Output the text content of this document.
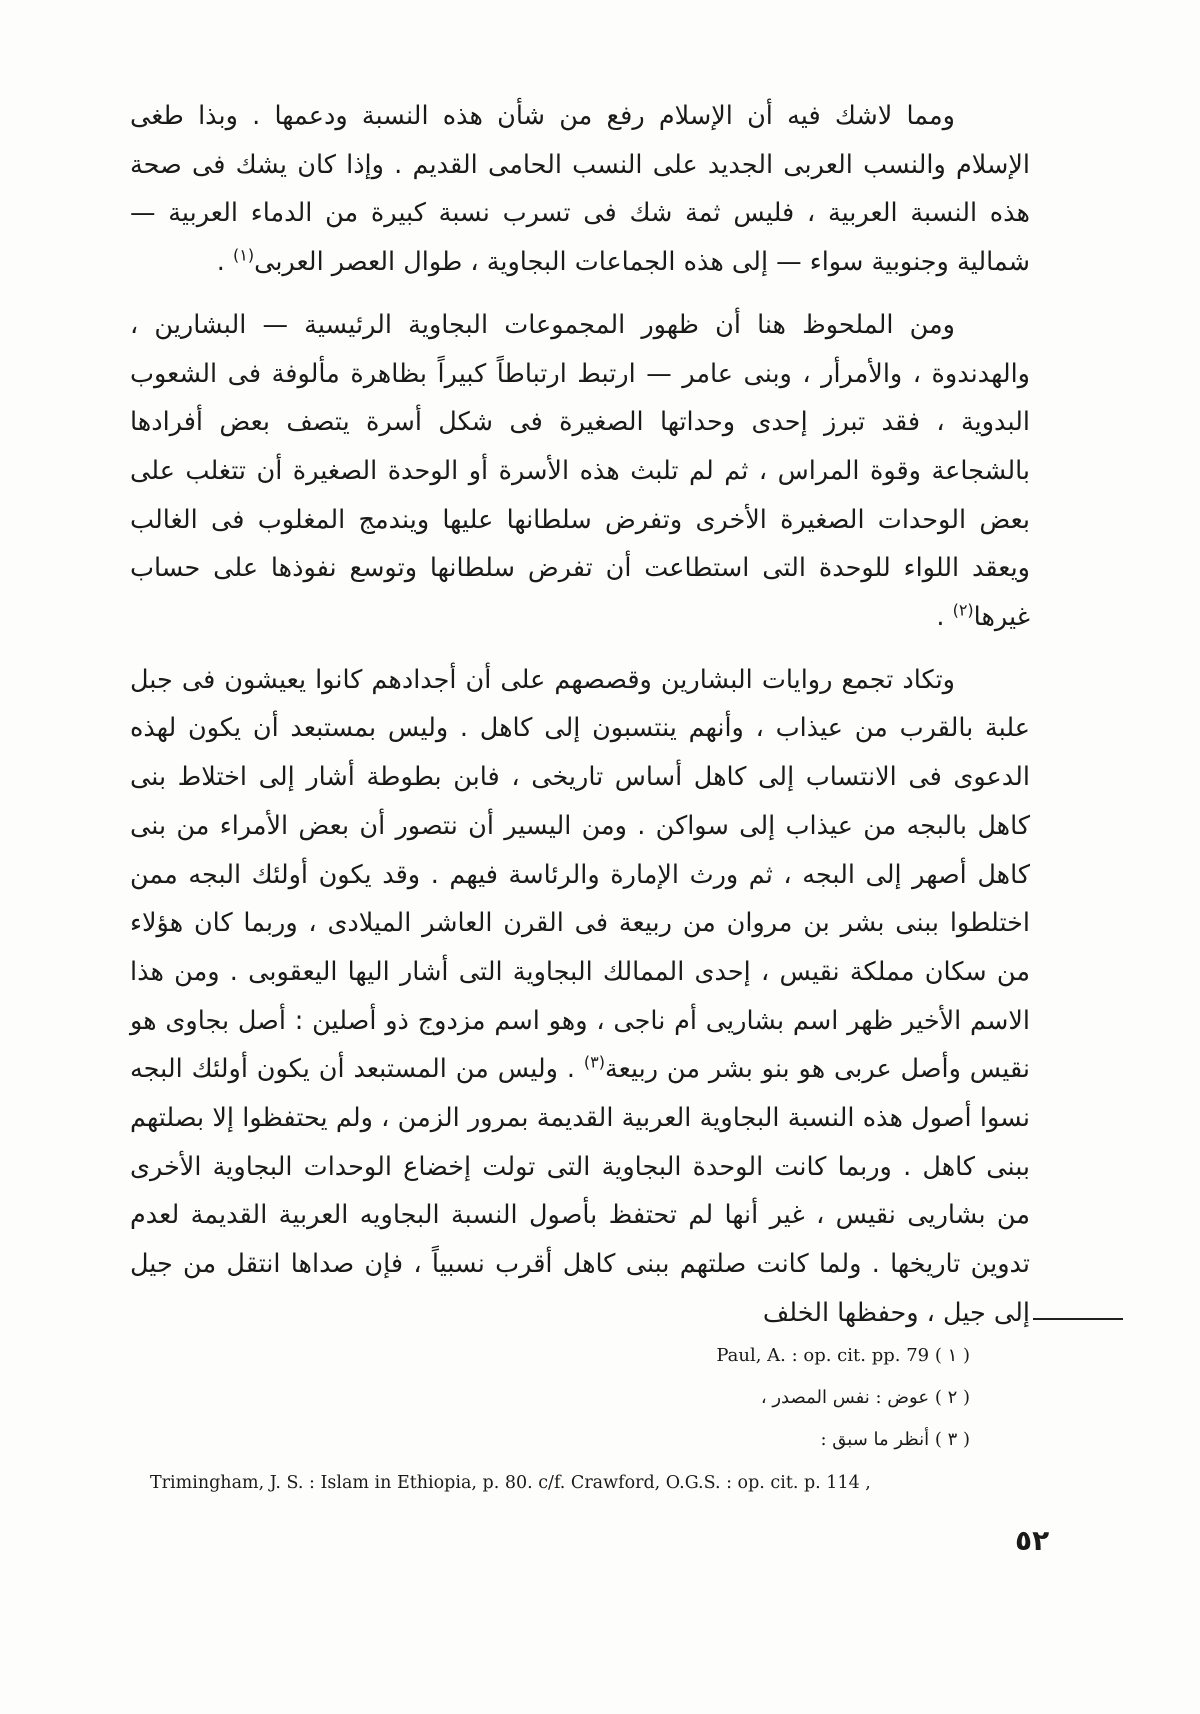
ومما لاشك فيه أن الإسلام رفع من شأن هذه النسبة ودعمها . وبذا طغى الإسلام والنسب العربى الجديد على النسب الحامى القديم . وإذا كان يشك فى صحة هذه النسبة العربية ، فليس ثمة شك فى تسرب نسبة كبيرة من الدماء العربية — شمالية وجنوبية سواء — إلى هذه الجماعات البجاوية ، طوال العصر العربى$^{(١)}$ .

ومن الملحوظ هنا أن ظهور المجموعات البجاوية الرئيسية — البشارين ، والهدندوة ، والأمرأر ، وبنى عامر — ارتبط ارتباطاً كبيراً بظاهرة مألوفة فى الشعوب البدوية ، فقد تبرز إحدى وحداتها الصغيرة فى شكل أسرة يتصف بعض أفرادها بالشجاعة وقوة المراس ، ثم لم تلبث هذه الأسرة أو الوحدة الصغيرة أن تتغلب على بعض الوحدات الصغيرة الأخرى وتفرض سلطانها عليها ويندمج المغلوب فى الغالب ويعقد اللواء للوحدة التى استطاعت أن تفرض سلطانها وتوسع نفوذها على حساب غيرها$^{(٢)}$ .

وتكاد تجمع روايات البشارين وقصصهم على أن أجدادهم كانوا يعيشون فى جبل علبة بالقرب من عيذاب ، وأنهم ينتسبون إلى كاهل . وليس بمستبعد أن يكون لهذه الدعوى فى الانتساب إلى كاهل أساس تاريخى ، فابن بطوطة أشار إلى اختلاط بنى كاهل بالبجه من عيذاب إلى سواكن . ومن اليسير أن نتصور أن بعض الأمراء من بنى كاهل أصهر إلى البجه ، ثم ورث الإمارة والرئاسة فيهم . وقد يكون أولئك البجه ممن اختلطوا ببنى بشر بن مروان من ربيعة فى القرن العاشر الميلادى ، وربما كان هؤلاء من سكان مملكة نقيس ، إحدى الممالك البجاوية التى أشار اليها اليعقوبى . ومن هذا الاسم الأخير ظهر اسم بشاريى أم ناجى ، وهو اسم مزدوج ذو أصلين : أصل بجاوى هو نقيس وأصل عربى هو بنو بشر من ربيعة$^{(٣)}$ . وليس من المستبعد أن يكون أولئك البجه نسوا أصول هذه النسبة البجاوية العربية القديمة بمرور الزمن ، ولم يحتفظوا إلا بصلتهم ببنى كاهل . وربما كانت الوحدة البجاوية التى تولت إخضاع الوحدات البجاوية الأخرى من بشاريى نقيس ، غير أنها لم تحتفظ بأصول النسبة البجاويه العربية القديمة لعدم تدوين تاريخها . ولما كانت صلتهم ببنى كاهل أقرب نسبياً ، فإن صداها انتقل من جيل إلى جيل ، وحفظها الخلف

( ١ ) Paul, A. : op. cit. pp. 79

( ٢ ) عوض : نفس المصدر ،

( ٣ ) أنظر ما سبق :

Trimingham, J. S. : Islam in Ethiopia, p. 80. c/f. Crawford, O.G.S. : op. cit. p. 114 ,

٥٢
